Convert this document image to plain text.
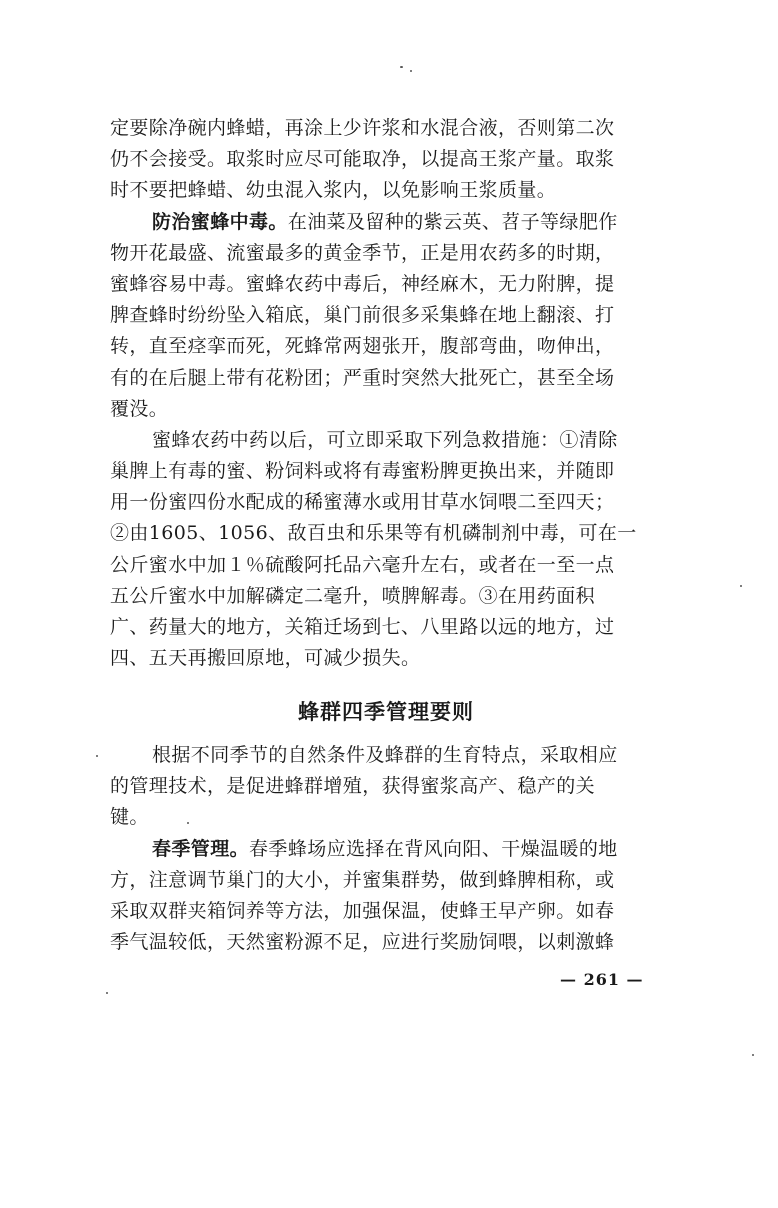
定要除净碗内蜂蜡，再涂上少许浆和水混合液，否则第二次
仍不会接受。取浆时应尽可能取净，以提高王浆产量。取浆
时不要把蜂蜡、幼虫混入浆内，以免影响王浆质量。
防治蜜蜂中毒。在油菜及留种的紫云英、苕子等绿肥作
物开花最盛、流蜜最多的黄金季节，正是用农药多的时期，
蜜蜂容易中毒。蜜蜂农药中毒后，神经麻木，无力附脾，提
脾查蜂时纷纷坠入箱底，巢门前很多采集蜂在地上翻滚、打
转，直至痉挛而死，死蜂常两翅张开，腹部弯曲，吻伸出，
有的在后腿上带有花粉团；严重时突然大批死亡，甚至全场
覆没。
蜜蜂农药中药以后，可立即采取下列急救措施：①清除
巢脾上有毒的蜜、粉饲料或将有毒蜜粉脾更换出来，并随即
用一份蜜四份水配成的稀蜜薄水或用甘草水饲喂二至四天；
②由1605、1056、敌百虫和乐果等有机磷制剂中毒，可在一
公斤蜜水中加１％硫酸阿托品六毫升左右，或者在一至一点
五公斤蜜水中加解磷定二毫升，喷脾解毒。③在用药面积
广、药量大的地方，关箱迁场到七、八里路以远的地方，过
四、五天再搬回原地，可减少损失。
蜂群四季管理要则
根据不同季节的自然条件及蜂群的生育特点，采取相应
的管理技术，是促进蜂群增殖，获得蜜浆高产、稳产的关
键。
春季管理。春季蜂场应选择在背风向阳、干燥温暖的地
方，注意调节巢门的大小，并蜜集群势，做到蜂脾相称，或
采取双群夹箱饲养等方法，加强保温，使蜂王早产卵。如春
季气温较低，天然蜜粉源不足，应进行奖励饲喂，以刺激蜂
— 261 —
